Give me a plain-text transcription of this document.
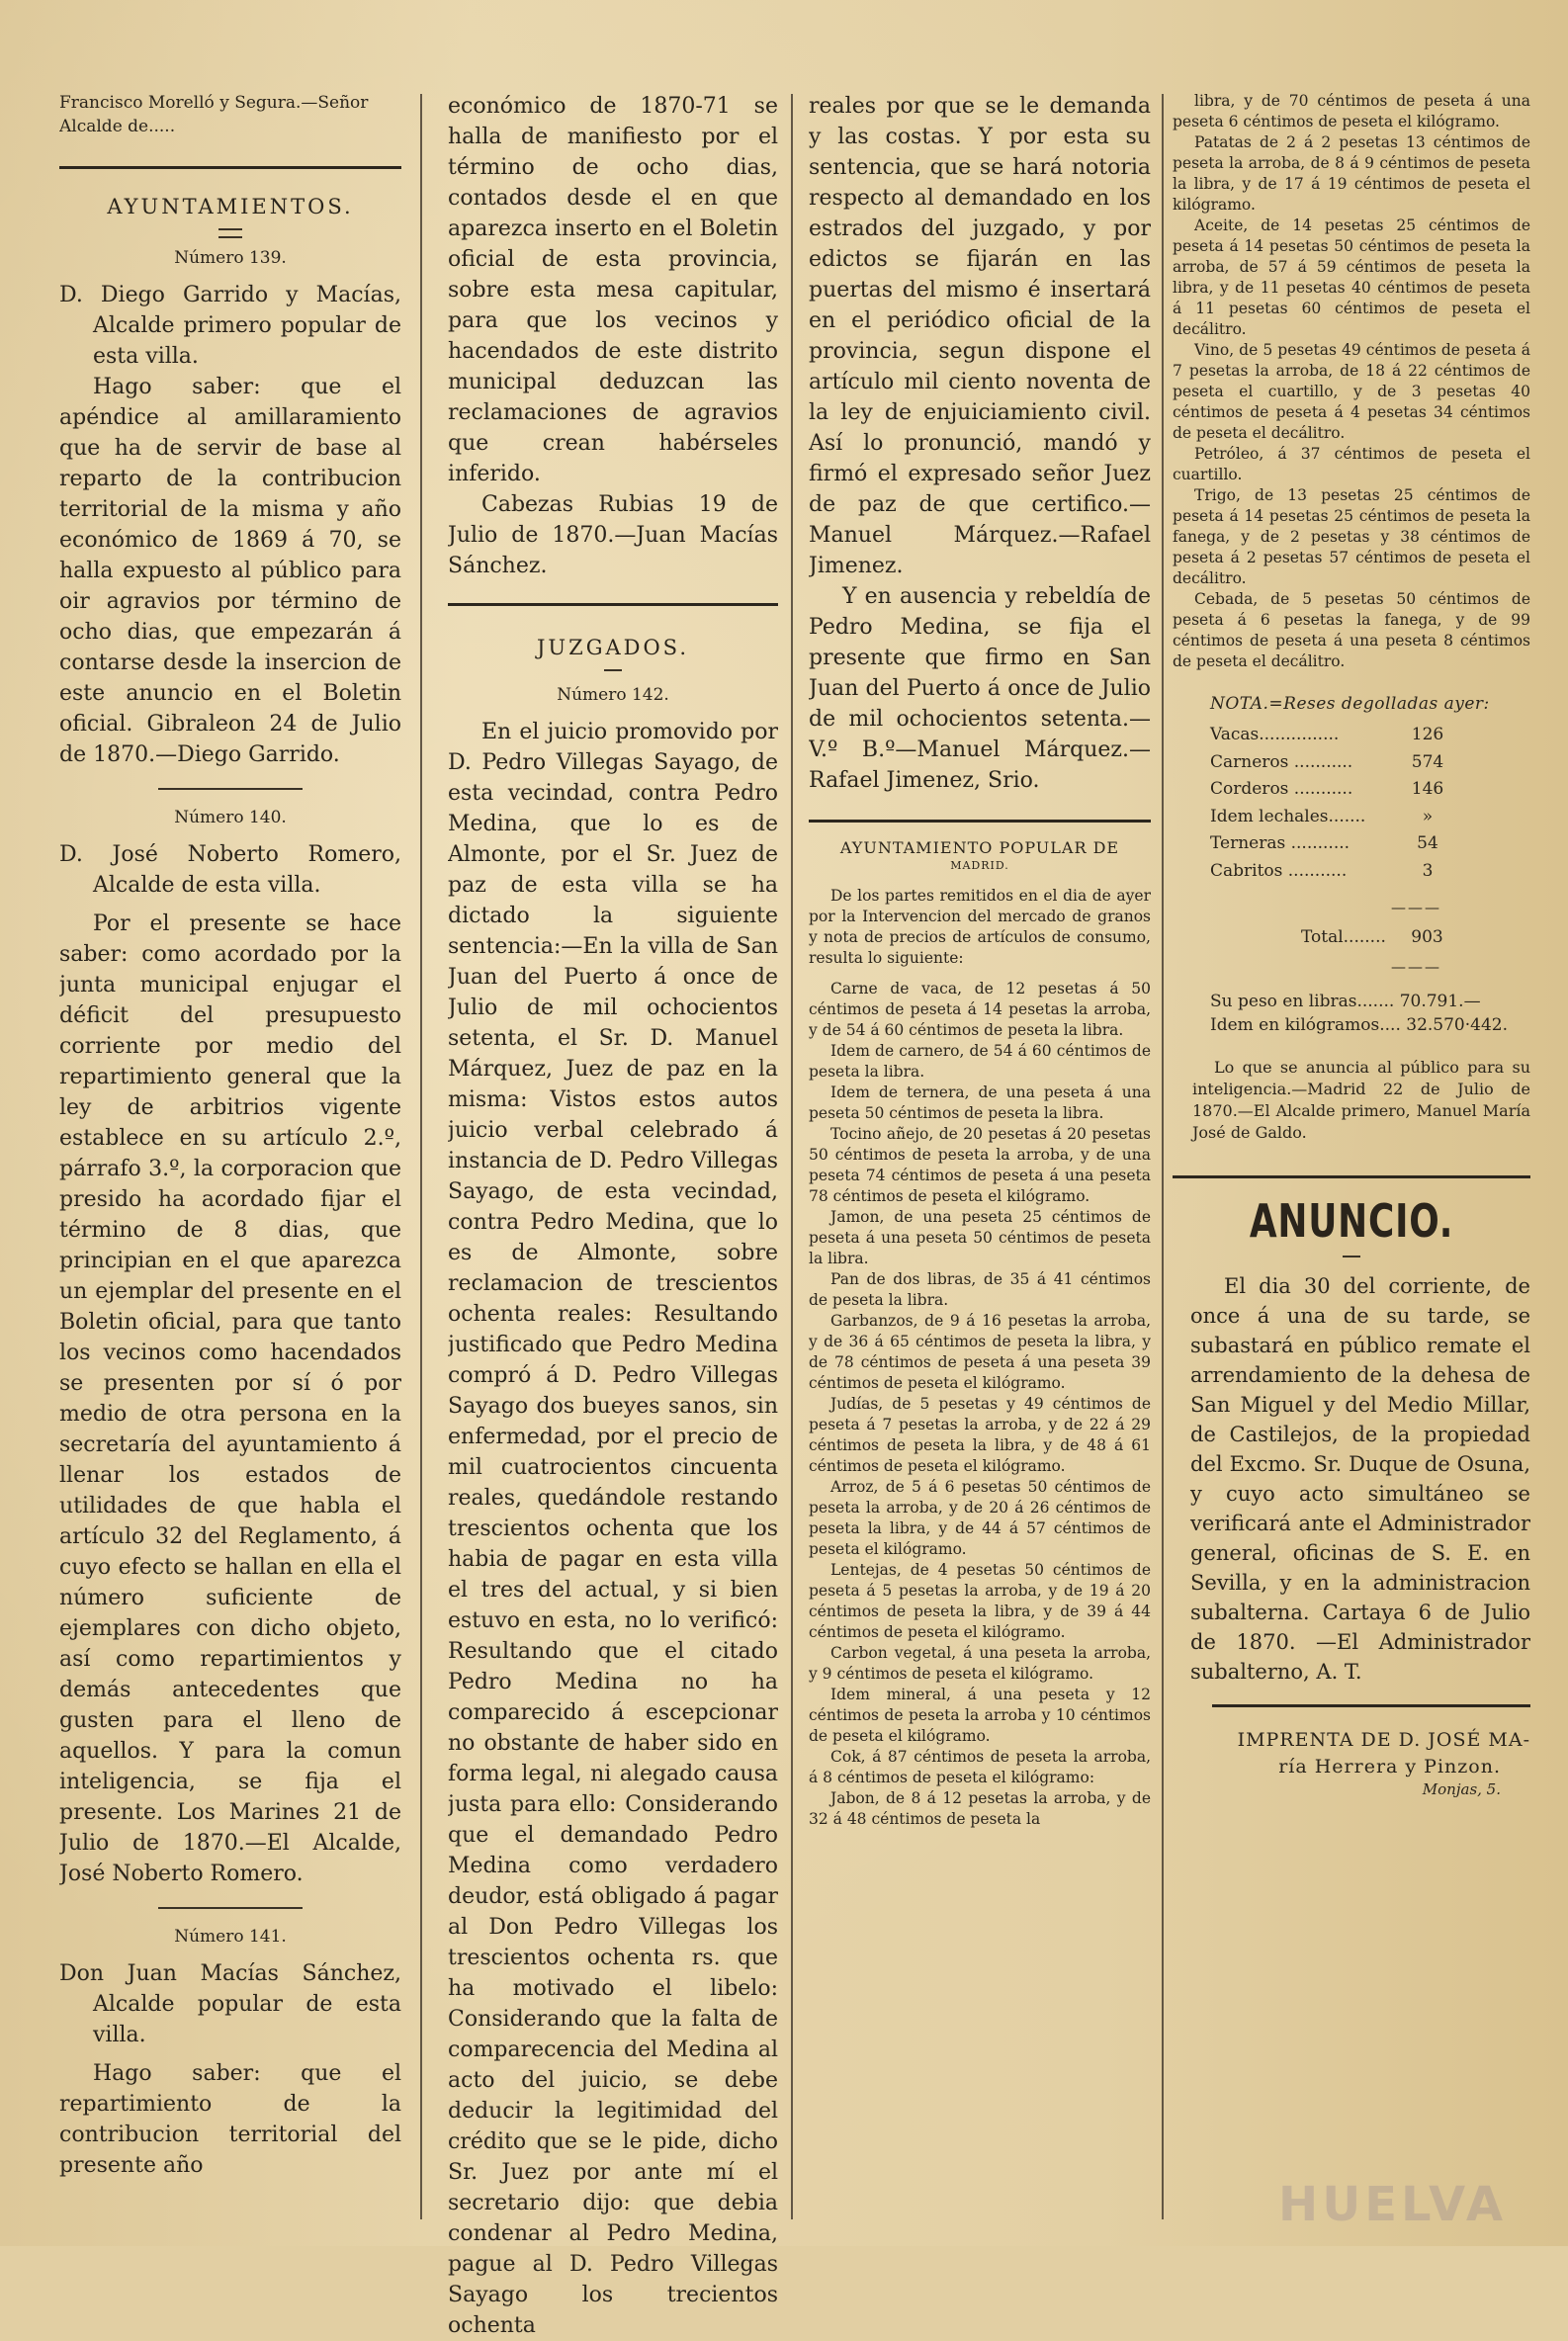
Francisco Morelló y Segura.—Señor Alcalde de.....

AYUNTAMIENTOS.
Número 139.

D. Diego Garrido y Macías, Alcalde primero popular de esta villa.

Hago saber: que el apéndice al amillaramiento que ha de servir de base al reparto de la contribucion territorial de la misma y año económico de 1869 á 70, se halla expuesto al público para oir agravios por término de ocho dias, que empezarán á contarse desde la insercion de este anuncio en el Boletin oficial. Gibraleon 24 de Julio de 1870.—Diego Garrido.

Número 140.

D. José Noberto Romero, Alcalde de esta villa.

Por el presente se hace saber: como acordado por la junta municipal enjugar el déficit del presupuesto corriente por medio del repartimiento general que la ley de arbitrios vigente establece en su artículo 2.º, párrafo 3.º, la corporacion que presido ha acordado fijar el término de 8 dias, que principian en el que aparezca un ejemplar del presente en el Boletin oficial, para que tanto los vecinos como hacendados se presenten por sí ó por medio de otra persona en la secretaría del ayuntamiento á llenar los estados de utilidades de que habla el artículo 32 del Reglamento, á cuyo efecto se hallan en ella el número suficiente de ejemplares con dicho objeto, así como repartimientos y demás antecedentes que gusten para el lleno de aquellos. Y para la comun inteligencia, se fija el presente. Los Marines 21 de Julio de 1870.—El Alcalde, José Noberto Romero.

Número 141.

Don Juan Macías Sánchez, Alcalde popular de esta villa.

Hago saber: que el repartimiento de la contribucion territorial del presente año

económico de 1870-71 se halla de manifiesto por el término de ocho dias, contados desde el en que aparezca inserto en el Boletin oficial de esta provincia, sobre esta mesa capitular, para que los vecinos y hacendados de este distrito municipal deduzcan las reclamaciones de agravios que crean habérseles inferido.

Cabezas Rubias 19 de Julio de 1870.—Juan Macías Sánchez.

JUZGADOS.
Número 142.

En el juicio promovido por D. Pedro Villegas Sayago, de esta vecindad, contra Pedro Medina, que lo es de Almonte, por el Sr. Juez de paz de esta villa se ha dictado la siguiente sentencia:—En la villa de San Juan del Puerto á once de Julio de mil ochocientos setenta, el Sr. D. Manuel Márquez, Juez de paz en la misma: Vistos estos autos juicio verbal celebrado á instancia de D. Pedro Villegas Sayago, de esta vecindad, contra Pedro Medina, que lo es de Almonte, sobre reclamacion de trescientos ochenta reales: Resultando justificado que Pedro Medina compró á D. Pedro Villegas Sayago dos bueyes sanos, sin enfermedad, por el precio de mil cuatrocientos cincuenta reales, quedándole restando trescientos ochenta que los habia de pagar en esta villa el tres del actual, y si bien estuvo en esta, no lo verificó: Resultando que el citado Pedro Medina no ha comparecido á escepcionar no obstante de haber sido en forma legal, ni alegado causa justa para ello: Considerando que el demandado Pedro Medina como verdadero deudor, está obligado á pagar al Don Pedro Villegas los trescientos ochenta rs. que ha motivado el libelo: Considerando que la falta de comparecencia del Medina al acto del juicio, se debe deducir la legitimidad del crédito que se le pide, dicho Sr. Juez por ante mí el secretario dijo: que debia condenar al Pedro Medina, pague al D. Pedro Villegas Sayago los trecientos ochenta

reales por que se le demanda y las costas. Y por esta su sentencia, que se hará notoria respecto al demandado en los estrados del juzgado, y por edictos se fijarán en las puertas del mismo é insertará en el periódico oficial de la provincia, segun dispone el artículo mil ciento noventa de la ley de enjuiciamiento civil. Así lo pronunció, mandó y firmó el expresado señor Juez de paz de que certifico.—Manuel Márquez.—Rafael Jimenez.

Y en ausencia y rebeldía de Pedro Medina, se fija el presente que firmo en San Juan del Puerto á once de Julio de mil ochocientos setenta.—V.º B.º—Manuel Márquez.—Rafael Jimenez, Srio.

AYUNTAMIENTO POPULAR DE
MADRID.

De los partes remitidos en el dia de ayer por la Intervencion del mercado de granos y nota de precios de artículos de consumo, resulta lo siguiente:

Carne de vaca, de 12 pesetas á 50 céntimos de peseta á 14 pesetas la arroba, y de 54 á 60 céntimos de peseta la libra.

Idem de carnero, de 54 á 60 céntimos de peseta la libra.

Idem de ternera, de una peseta á una peseta 50 céntimos de peseta la libra.

Tocino añejo, de 20 pesetas á 20 pesetas 50 céntimos de peseta la arroba, y de una peseta 74 céntimos de peseta á una peseta 78 céntimos de peseta el kilógramo.

Jamon, de una peseta 25 céntimos de peseta á una peseta 50 céntimos de peseta la libra.

Pan de dos libras, de 35 á 41 céntimos de peseta la libra.

Garbanzos, de 9 á 16 pesetas la arroba, y de 36 á 65 céntimos de peseta la libra, y de 78 céntimos de peseta á una peseta 39 céntimos de peseta el kilógramo.

Judías, de 5 pesetas y 49 céntimos de peseta á 7 pesetas la arroba, y de 22 á 29 céntimos de peseta la libra, y de 48 á 61 céntimos de peseta el kilógramo.

Arroz, de 5 á 6 pesetas 50 céntimos de peseta la arroba, y de 20 á 26 céntimos de peseta la libra, y de 44 á 57 céntimos de peseta el kilógramo.

Lentejas, de 4 pesetas 50 céntimos de peseta á 5 pesetas la arroba, y de 19 á 20 céntimos de peseta la libra, y de 39 á 44 céntimos de peseta el kilógramo.

Carbon vegetal, á una peseta la arroba, y 9 céntimos de peseta el kilógramo.

Idem mineral, á una peseta y 12 céntimos de peseta la arroba y 10 céntimos de peseta el kilógramo.

Cok, á 87 céntimos de peseta la arroba, á 8 céntimos de peseta el kilógramo:

Jabon, de 8 á 12 pesetas la arroba, y de 32 á 48 céntimos de peseta la

libra, y de 70 céntimos de peseta á una peseta 6 céntimos de peseta el kilógramo.

Patatas de 2 á 2 pesetas 13 céntimos de peseta la arroba, de 8 á 9 céntimos de peseta la libra, y de 17 á 19 céntimos de peseta el kilógramo.

Aceite, de 14 pesetas 25 céntimos de peseta á 14 pesetas 50 céntimos de peseta la arroba, de 57 á 59 céntimos de peseta la libra, y de 11 pesetas 40 céntimos de peseta á 11 pesetas 60 céntimos de peseta el decálitro.

Vino, de 5 pesetas 49 céntimos de peseta á 7 pesetas la arroba, de 18 á 22 céntimos de peseta el cuartillo, y de 3 pesetas 40 céntimos de peseta á 4 pesetas 34 céntimos de peseta el decálitro.

Petróleo, á 37 céntimos de peseta el cuartillo.

Trigo, de 13 pesetas 25 céntimos de peseta á 14 pesetas 25 céntimos de peseta la fanega, y de 2 pesetas y 38 céntimos de peseta á 2 pesetas 57 céntimos de peseta el decálitro.

Cebada, de 5 pesetas 50 céntimos de peseta á 6 pesetas la fanega, y de 99 céntimos de peseta á una peseta 8 céntimos de peseta el decálitro.

NOTA.=Reses degolladas ayer:
Vacas...............	126
Carneros ...........	574
Corderos ...........	146
Idem lechales.......	»
Terneras ...........	54
Cabritos ...........	3
———
Total........ 903
———
Su peso en libras....... 70.791.—
Idem en kilógramos.... 32.570·442.

Lo que se anuncia al público para su inteligencia.—Madrid 22 de Julio de 1870.—El Alcalde primero, Manuel María José de Galdo.

ANUNCIO.

El dia 30 del corriente, de once á una de su tarde, se subastará en público remate el arrendamiento de la dehesa de San Miguel y del Medio Millar, de Castilejos, de la propiedad del Excmo. Sr. Duque de Osuna, y cuyo acto simultáneo se verificará ante el Administrador general, oficinas de S. E. en Sevilla, y en la administracion subalterna. Cartaya 6 de Julio de 1870. —El Administrador subalterno, A. T.

IMPRENTA DE D. JOSÉ MA-
ría Herrera y Pinzon.
Monjas, 5.
HUELVA
